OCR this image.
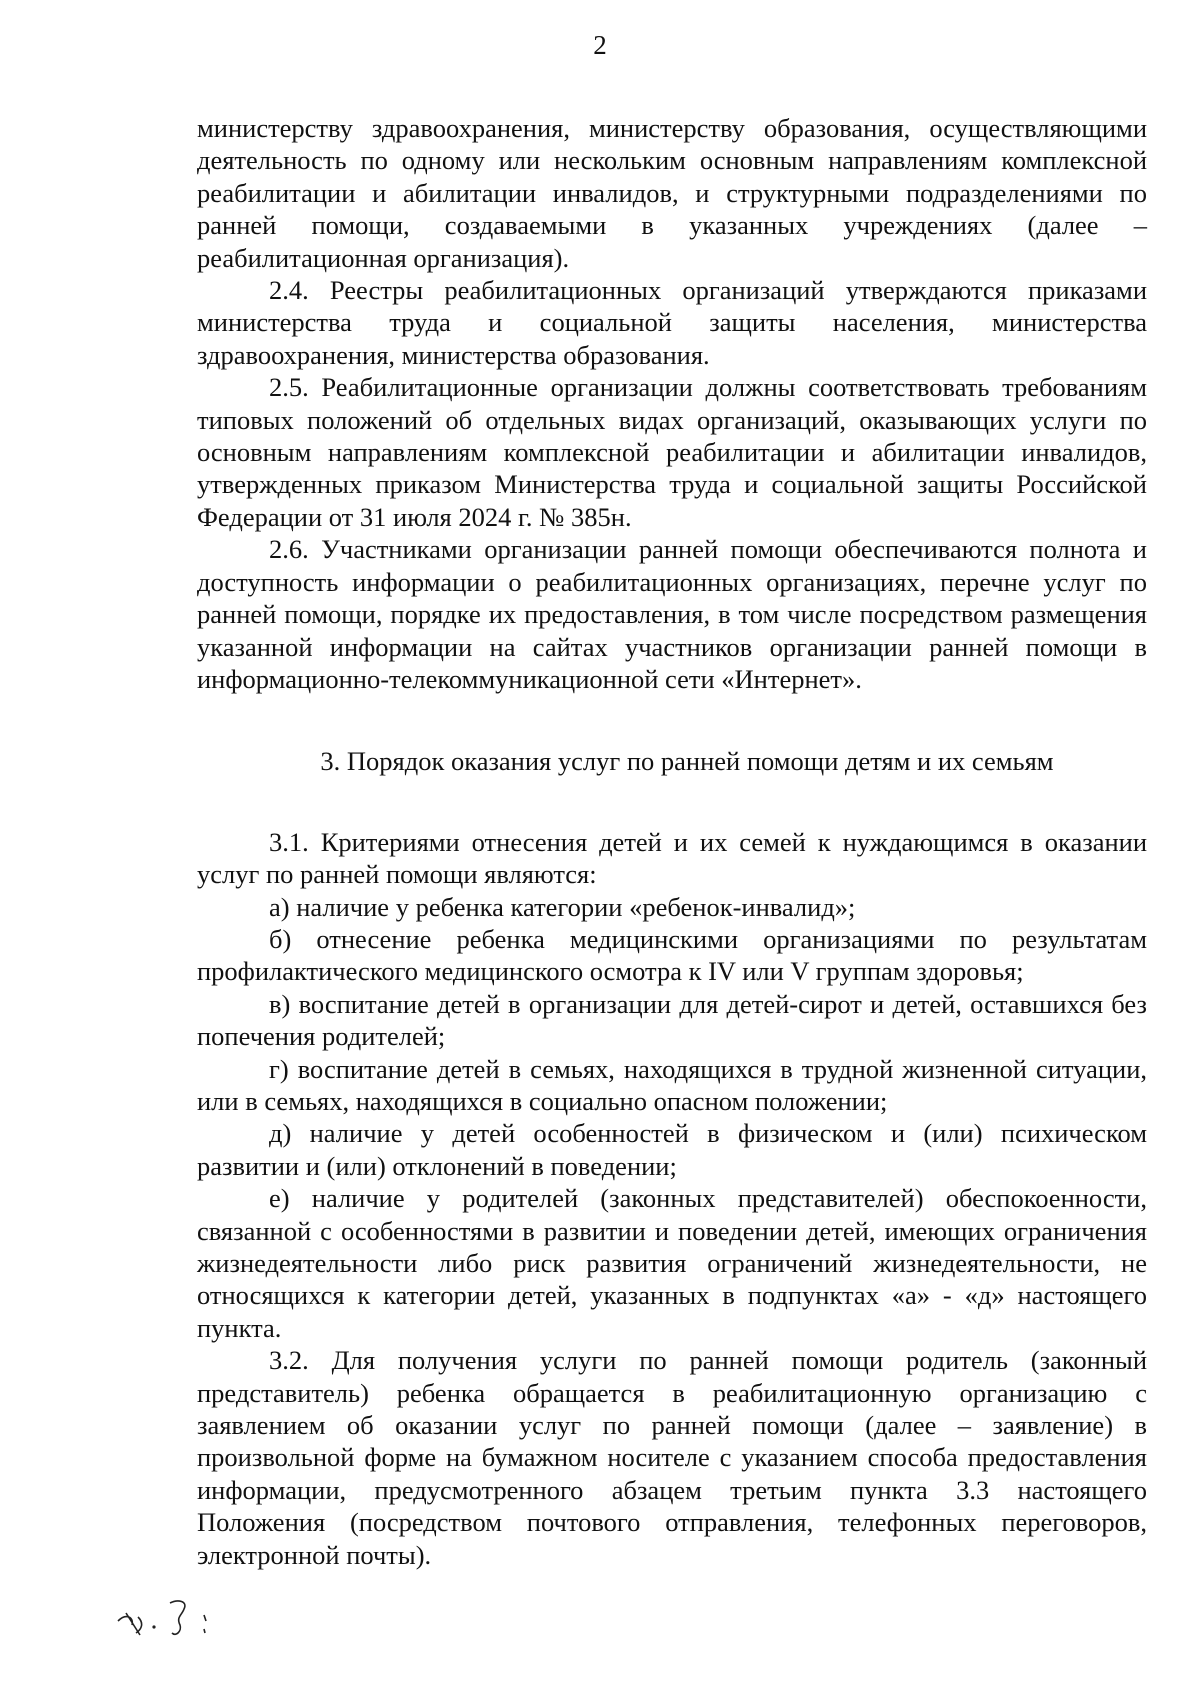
2

министерству здравоохранения, министерству образования, осуществляющими деятельность по одному или нескольким основным направлениям комплексной реабилитации и абилитации инвалидов, и структурными подразделениями по ранней помощи, создаваемыми в указанных учреждениях (далее – реабилитационная организация).

2.4. Реестры реабилитационных организаций утверждаются приказами министерства труда и социальной защиты населения, министерства здравоохранения, министерства образования.

2.5. Реабилитационные организации должны соответствовать требованиям типовых положений об отдельных видах организаций, оказывающих услуги по основным направлениям комплексной реабилитации и абилитации инвалидов, утвержденных приказом Министерства труда и социальной защиты Российской Федерации от 31 июля 2024 г. № 385н.

2.6. Участниками организации ранней помощи обеспечиваются полнота и доступность информации о реабилитационных организациях, перечне услуг по ранней помощи, порядке их предоставления, в том числе посредством размещения указанной информации на сайтах участников организации ранней помощи в информационно-телекоммуникационной сети «Интернет».

3. Порядок оказания услуг по ранней помощи детям и их семьям

3.1. Критериями отнесения детей и их семей к нуждающимся в оказании услуг по ранней помощи являются:

а) наличие у ребенка категории «ребенок-инвалид»;

б) отнесение ребенка медицинскими организациями по результатам профилактического медицинского осмотра к IV или V группам здоровья;

в) воспитание детей в организации для детей-сирот и детей, оставшихся без попечения родителей;

г) воспитание детей в семьях, находящихся в трудной жизненной ситуации, или в семьях, находящихся в социально опасном положении;

д) наличие у детей особенностей в физическом и (или) психическом развитии и (или) отклонений в поведении;

е) наличие у родителей (законных представителей) обеспокоенности, связанной с особенностями в развитии и поведении детей, имеющих ограничения жизнедеятельности либо риск развития ограничений жизнедеятельности, не относящихся к категории детей, указанных в подпунктах «а» - «д» настоящего пункта.

3.2. Для получения услуги по ранней помощи родитель (законный представитель) ребенка обращается в реабилитационную организацию с заявлением об оказании услуг по ранней помощи (далее – заявление) в произвольной форме на бумажном носителе с указанием способа предоставления информации, предусмотренного абзацем третьим пункта 3.3 настоящего Положения (посредством почтового отправления, телефонных переговоров, электронной почты).
